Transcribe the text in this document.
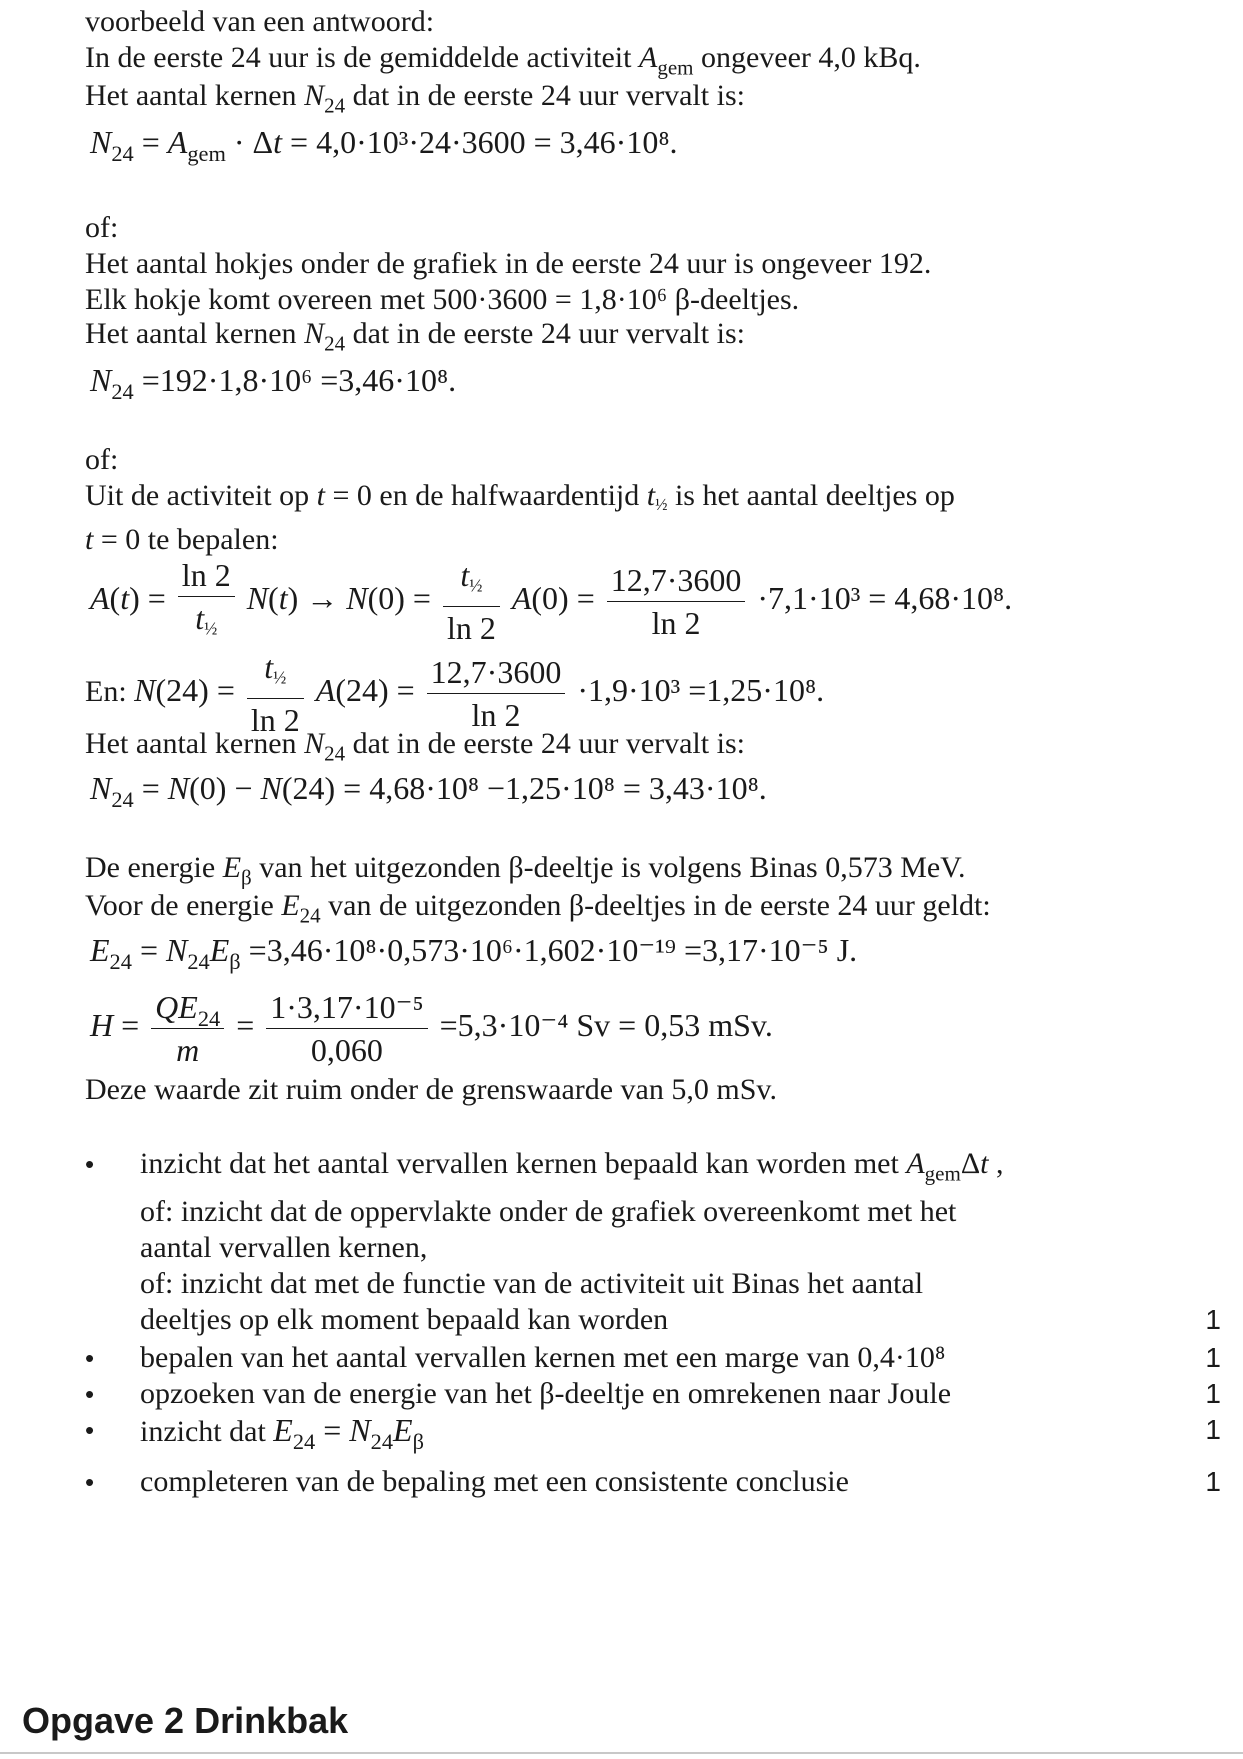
voorbeeld van een antwoord:
In de eerste 24 uur is de gemiddelde activiteit $A_{gem}$ ongeveer 4,0 kBq.
Het aantal kernen $N_{24}$ dat in de eerste 24 uur vervalt is:
$N_{24} = A_{gem} \cdot \Delta t = 4,0\cdot 10^3\cdot 24\cdot 3600 = 3,46\cdot 10^8$.
of:
Het aantal hokjes onder de grafiek in de eerste 24 uur is ongeveer 192.
Elk hokje komt overeen met 500·3600 = 1,8·10⁶ β-deeltjes.
Het aantal kernen $N_{24}$ dat in de eerste 24 uur vervalt is:
$N_{24} =192\cdot 1,8\cdot 10^6 =3,46\cdot 10^8$.
of:
Uit de activiteit op t = 0 en de halfwaardentijd t½ is het aantal deeltjes op
t = 0 te bepalen:
$A(t) = \frac{\ln 2}{\text{t½}} N(t) \to N(0) = \frac{\text{t½}}{\ln 2} A(0) = \frac{12,7\cdot 3600}{\ln 2} \cdot 7,1\cdot 10^3 = 4,68\cdot 10^8$.
En: $N(24) = \frac{\text{t½}}{\ln 2} A(24) = \frac{12,7\cdot 3600}{\ln 2} \cdot 1,9\cdot 10^3 =1,25\cdot 10^8$.
Het aantal kernen $N_{24}$ dat in de eerste 24 uur vervalt is:
$N_{24} = N(0) - N(24) = 4,68\cdot 10^8 -1,25\cdot 10^8 = 3,43\cdot 10^8$.
De energie $E_\beta$ van het uitgezonden β-deeltje is volgens Binas 0,573 MeV.
Voor de energie $E_{24}$ van de uitgezonden β-deeltjes in de eerste 24 uur geldt:
$E_{24} = N_{24}E_\beta =3,46\cdot 10^8\cdot 0,573\cdot 10^6\cdot 1,602\cdot 10^{-19} =3,17\cdot 10^{-5}$ J.
$H = \frac{QE_{24}}{m} = \frac{\text{1·3,17·10⁻⁵}}{0,060} =5,3\cdot 10^{-4}$ Sv = 0,53 mSv.
Deze waarde zit ruim onder de grenswaarde van 5,0 mSv.
• inzicht dat het aantal vervallen kernen bepaald kan worden met $A_{gem}\Delta t$ ,
of: inzicht dat de oppervlakte onder de grafiek overeenkomt met het
aantal vervallen kernen,
of: inzicht dat met de functie van de activiteit uit Binas het aantal
deeltjes op elk moment bepaald kan worden	1
• bepalen van het aantal vervallen kernen met een marge van 0,4·10⁸	1
• opzoeken van de energie van het β-deeltje en omrekenen naar Joule	1
• inzicht dat $E_{24} = N_{24}E_\beta$	1
• completeren van de bepaling met een consistente conclusie	1
Opgave 2 Drinkbak
